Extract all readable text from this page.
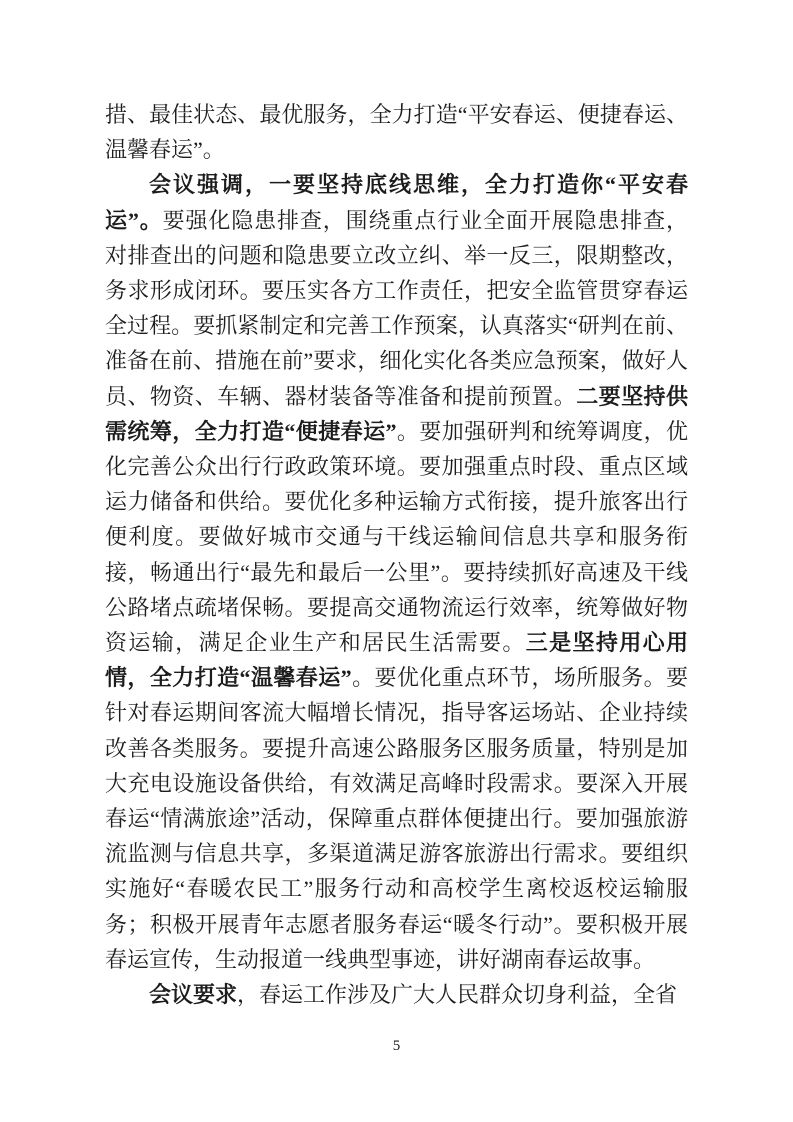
措、最佳状态、最优服务，全力打造“平安春运、便捷春运、温馨春运”。

会议强调，一要坚持底线思维，全力打造你“平安春运”。要强化隐患排查，围绕重点行业全面开展隐患排查，对排查出的问题和隐患要立改立纠、举一反三，限期整改，务求形成闭环。要压实各方工作责任，把安全监管贯穿春运全过程。要抓紧制定和完善工作预案，认真落实“研判在前、准备在前、措施在前”要求，细化实化各类应急预案，做好人员、物资、车辆、器材装备等准备和提前预置。二要坚持供需统筹，全力打造“便捷春运”。要加强研判和统筹调度，优化完善公众出行行政政策环境。要加强重点时段、重点区域运力储备和供给。要优化多种运输方式衔接，提升旅客出行便利度。要做好城市交通与干线运输间信息共享和服务衔接，畅通出行“最先和最后一公里”。要持续抓好高速及干线公路堵点疏堵保畅。要提高交通物流运行效率，统筹做好物资运输，满足企业生产和居民生活需要。三是坚持用心用情，全力打造“温馨春运”。要优化重点环节，场所服务。要针对春运期间客流大幅增长情况，指导客运场站、企业持续改善各类服务。要提升高速公路服务区服务质量，特别是加大充电设施设备供给，有效满足高峰时段需求。要深入开展春运“情满旅途”活动，保障重点群体便捷出行。要加强旅游流监测与信息共享，多渠道满足游客旅游出行需求。要组织实施好“春暖农民工”服务行动和高校学生离校返校运输服务；积极开展青年志愿者服务春运“暖冬行动”。要积极开展春运宣传，生动报道一线典型事迹，讲好湖南春运故事。

会议要求，春运工作涉及广大人民群众切身利益，全省

5
